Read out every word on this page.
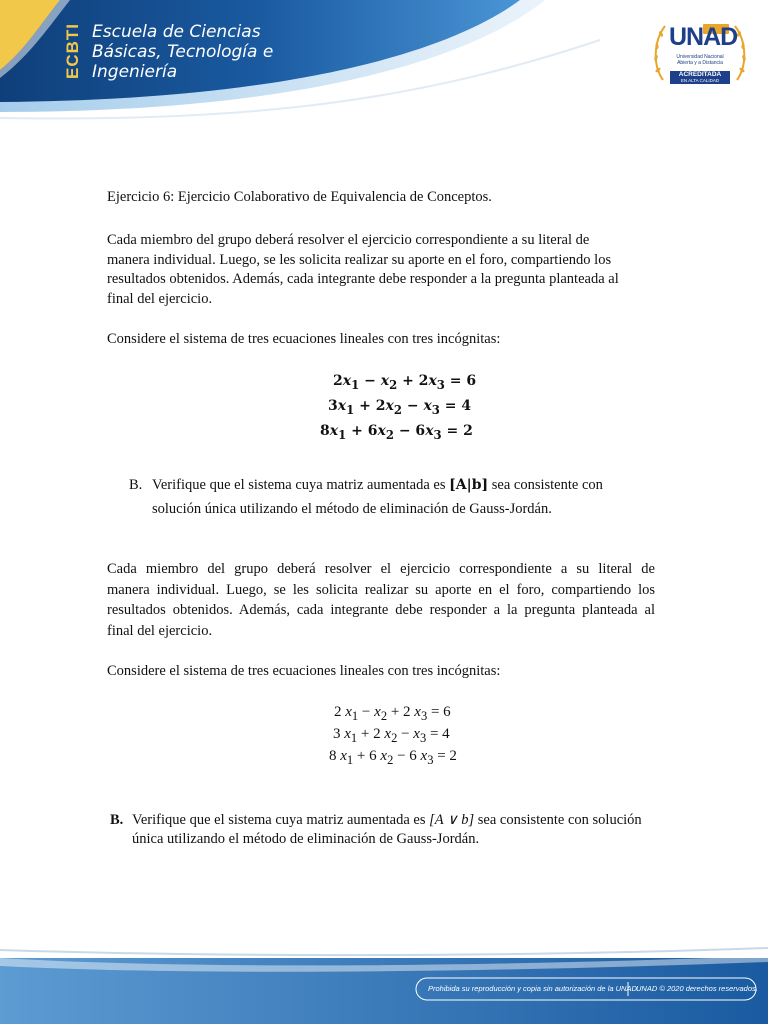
ECBTI Escuela de Ciencias
Básicas, Tecnología e
Ingeniería
UNAD
Universidad Nacional
Abierta y a Distancia
ACREDITADA
EN ALTA CALIDAD

Ejercicio 6: Ejercicio Colaborativo de Equivalencia de Conceptos.

Cada miembro del grupo deberá resolver el ejercicio correspondiente a su literal de
manera individual. Luego, se les solicita realizar su aporte en el foro, compartiendo los
resultados obtenidos. Además, cada integrante debe responder a la pregunta planteada al
final del ejercicio.

Considere el sistema de tres ecuaciones lineales con tres incógnitas:

$2x_1 - x_2 + 2x_3 = 6$
$3x_1 + 2x_2 - x_3 = 4$
$8x_1 + 6x_2 - 6x_3 = 2$
B. Verifique que el sistema cuya matriz aumentada es [A|b] sea consistente con
solución única utilizando el método de eliminación de Gauss-Jordán.
Cada miembro del grupo deberá resolver el ejercicio correspondiente a su literal de
manera individual. Luego, se les solicita realizar su aporte en el foro, compartiendo los
resultados obtenidos. Además, cada integrante debe responder a la pregunta planteada al
final del ejercicio.

Considere el sistema de tres ecuaciones lineales con tres incógnitas:

2 $x_1 - x_2 + 2$ $x_3 = 6$
3 $x_1 + 2$ $x_2 - x_3 = 4$
8 $x_1 + 6$ $x_2 - 6$ $x_3 = 2$
B. Verifique que el sistema cuya matriz aumentada es [A ∨ b] sea consistente con solución
única utilizando el método de eliminación de Gauss-Jordán.
Prohibida su reproducción y copia sin autorización de la UNAD.
UNAD © 2020 derechos reservados.
